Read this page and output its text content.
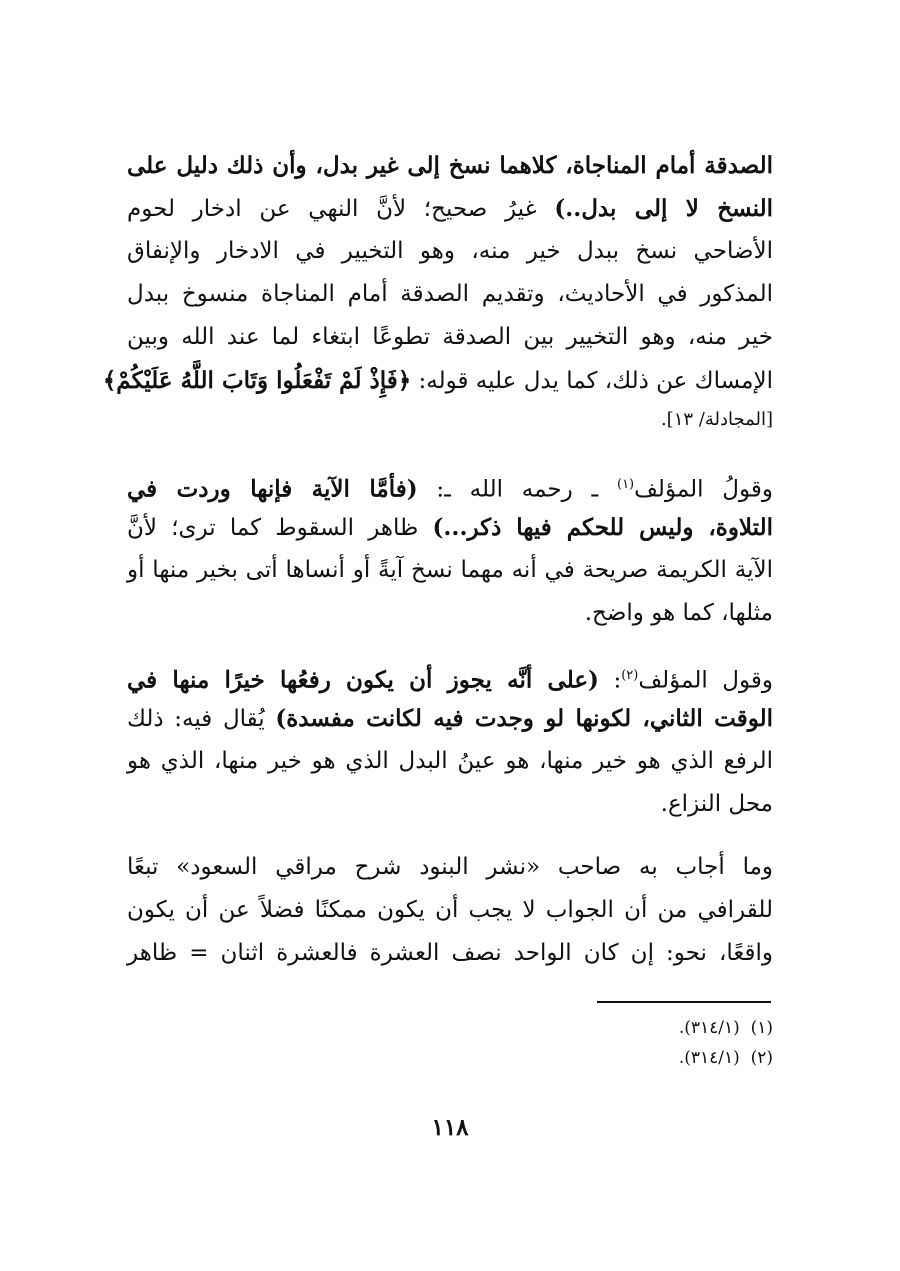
الصدقة أمام المناجاة، كلاهما نسخ إلى غير بدل، وأن ذلك دليل على
النسخ لا إلى بدل..) غيرُ صحيح؛ لأنَّ النهي عن ادخار لحوم
الأضاحي نسخ ببدل خير منه، وهو التخيير في الادخار والإنفاق
المذكور في الأحاديث، وتقديم الصدقة أمام المناجاة منسوخ ببدل
خير منه، وهو التخيير بين الصدقة تطوعًا ابتغاء لما عند الله وبين
الإمساك عن ذلك، كما يدل عليه قوله: ﴿فَإِذْ لَمْ تَفْعَلُوا وَتَابَ اللَّهُ عَلَيْكُمْ﴾
[المجادلة/ ١٣].
وقولُ المؤلف$^{(١)}$ ـ رحمه الله ـ: (فأمَّا الآية فإنها وردت في
التلاوة، وليس للحكم فيها ذكر...) ظاهر السقوط كما ترى؛ لأنَّ
الآية الكريمة صريحة في أنه مهما نسخ آيةً أو أنساها أتى بخير منها أو
مثلها، كما هو واضح.
وقول المؤلف$^{(٢)}$: (على أنَّه يجوز أن يكون رفعُها خيرًا منها في
الوقت الثاني، لكونها لو وجدت فيه لكانت مفسدة) يُقال فيه: ذلك
الرفع الذي هو خير منها، هو عينُ البدل الذي هو خير منها، الذي هو
محل النزاع.
وما أجاب به صاحب «نشر البنود شرح مراقي السعود» تبعًا
للقرافي من أن الجواب لا يجب أن يكون ممكنًا فضلاً عن أن يكون
واقعًا، نحو: إن كان الواحد نصف العشرة فالعشرة اثنان = ظاهر
(١)  (٣١٤/١).
(٢)  (٣١٤/١).
١١٨
